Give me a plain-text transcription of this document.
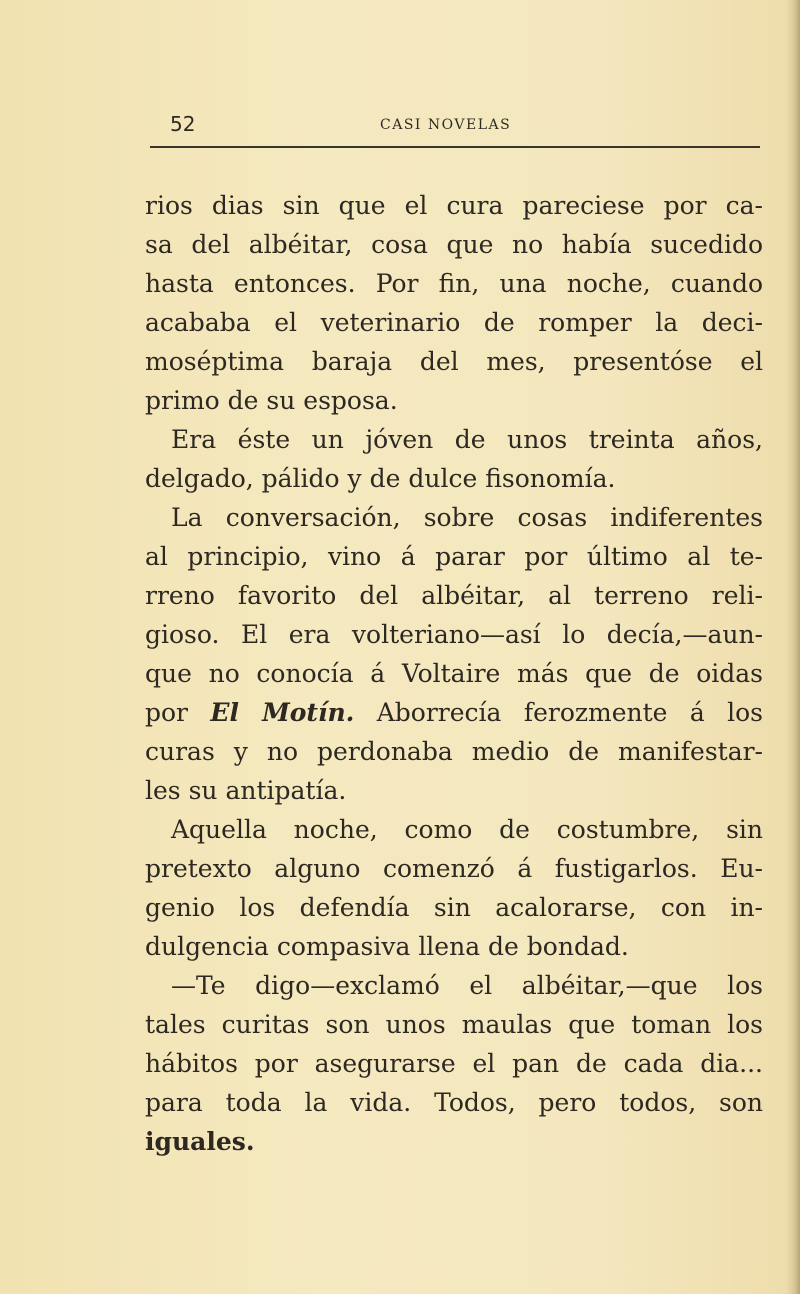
52	CASI NOVELAS
rios dias sin que el cura pareciese por ca-
sa del albéitar, cosa que no había sucedido
hasta entonces. Por fin, una noche, cuando
acababa el veterinario de romper la deci-
moséptima baraja del mes, presentóse el
primo de su esposa.
Era éste un jóven de unos treinta años,
delgado, pálido y de dulce fisonomía.
La conversación, sobre cosas indiferentes
al principio, vino á parar por último al te-
rreno favorito del albéitar, al terreno reli-
gioso. El era volteriano—así lo decía,—aun-
que no conocía á Voltaire más que de oidas
por El Motín. Aborrecía ferozmente á los
curas y no perdonaba medio de manifestar-
les su antipatía.
Aquella noche, como de costumbre, sin
pretexto alguno comenzó á fustigarlos. Eu-
genio los defendía sin acalorarse, con in-
dulgencia compasiva llena de bondad.
—Te digo—exclamó el albéitar,—que los
tales curitas son unos maulas que toman los
hábitos por asegurarse el pan de cada dia...
para toda la vida. Todos, pero todos, son
iguales.
